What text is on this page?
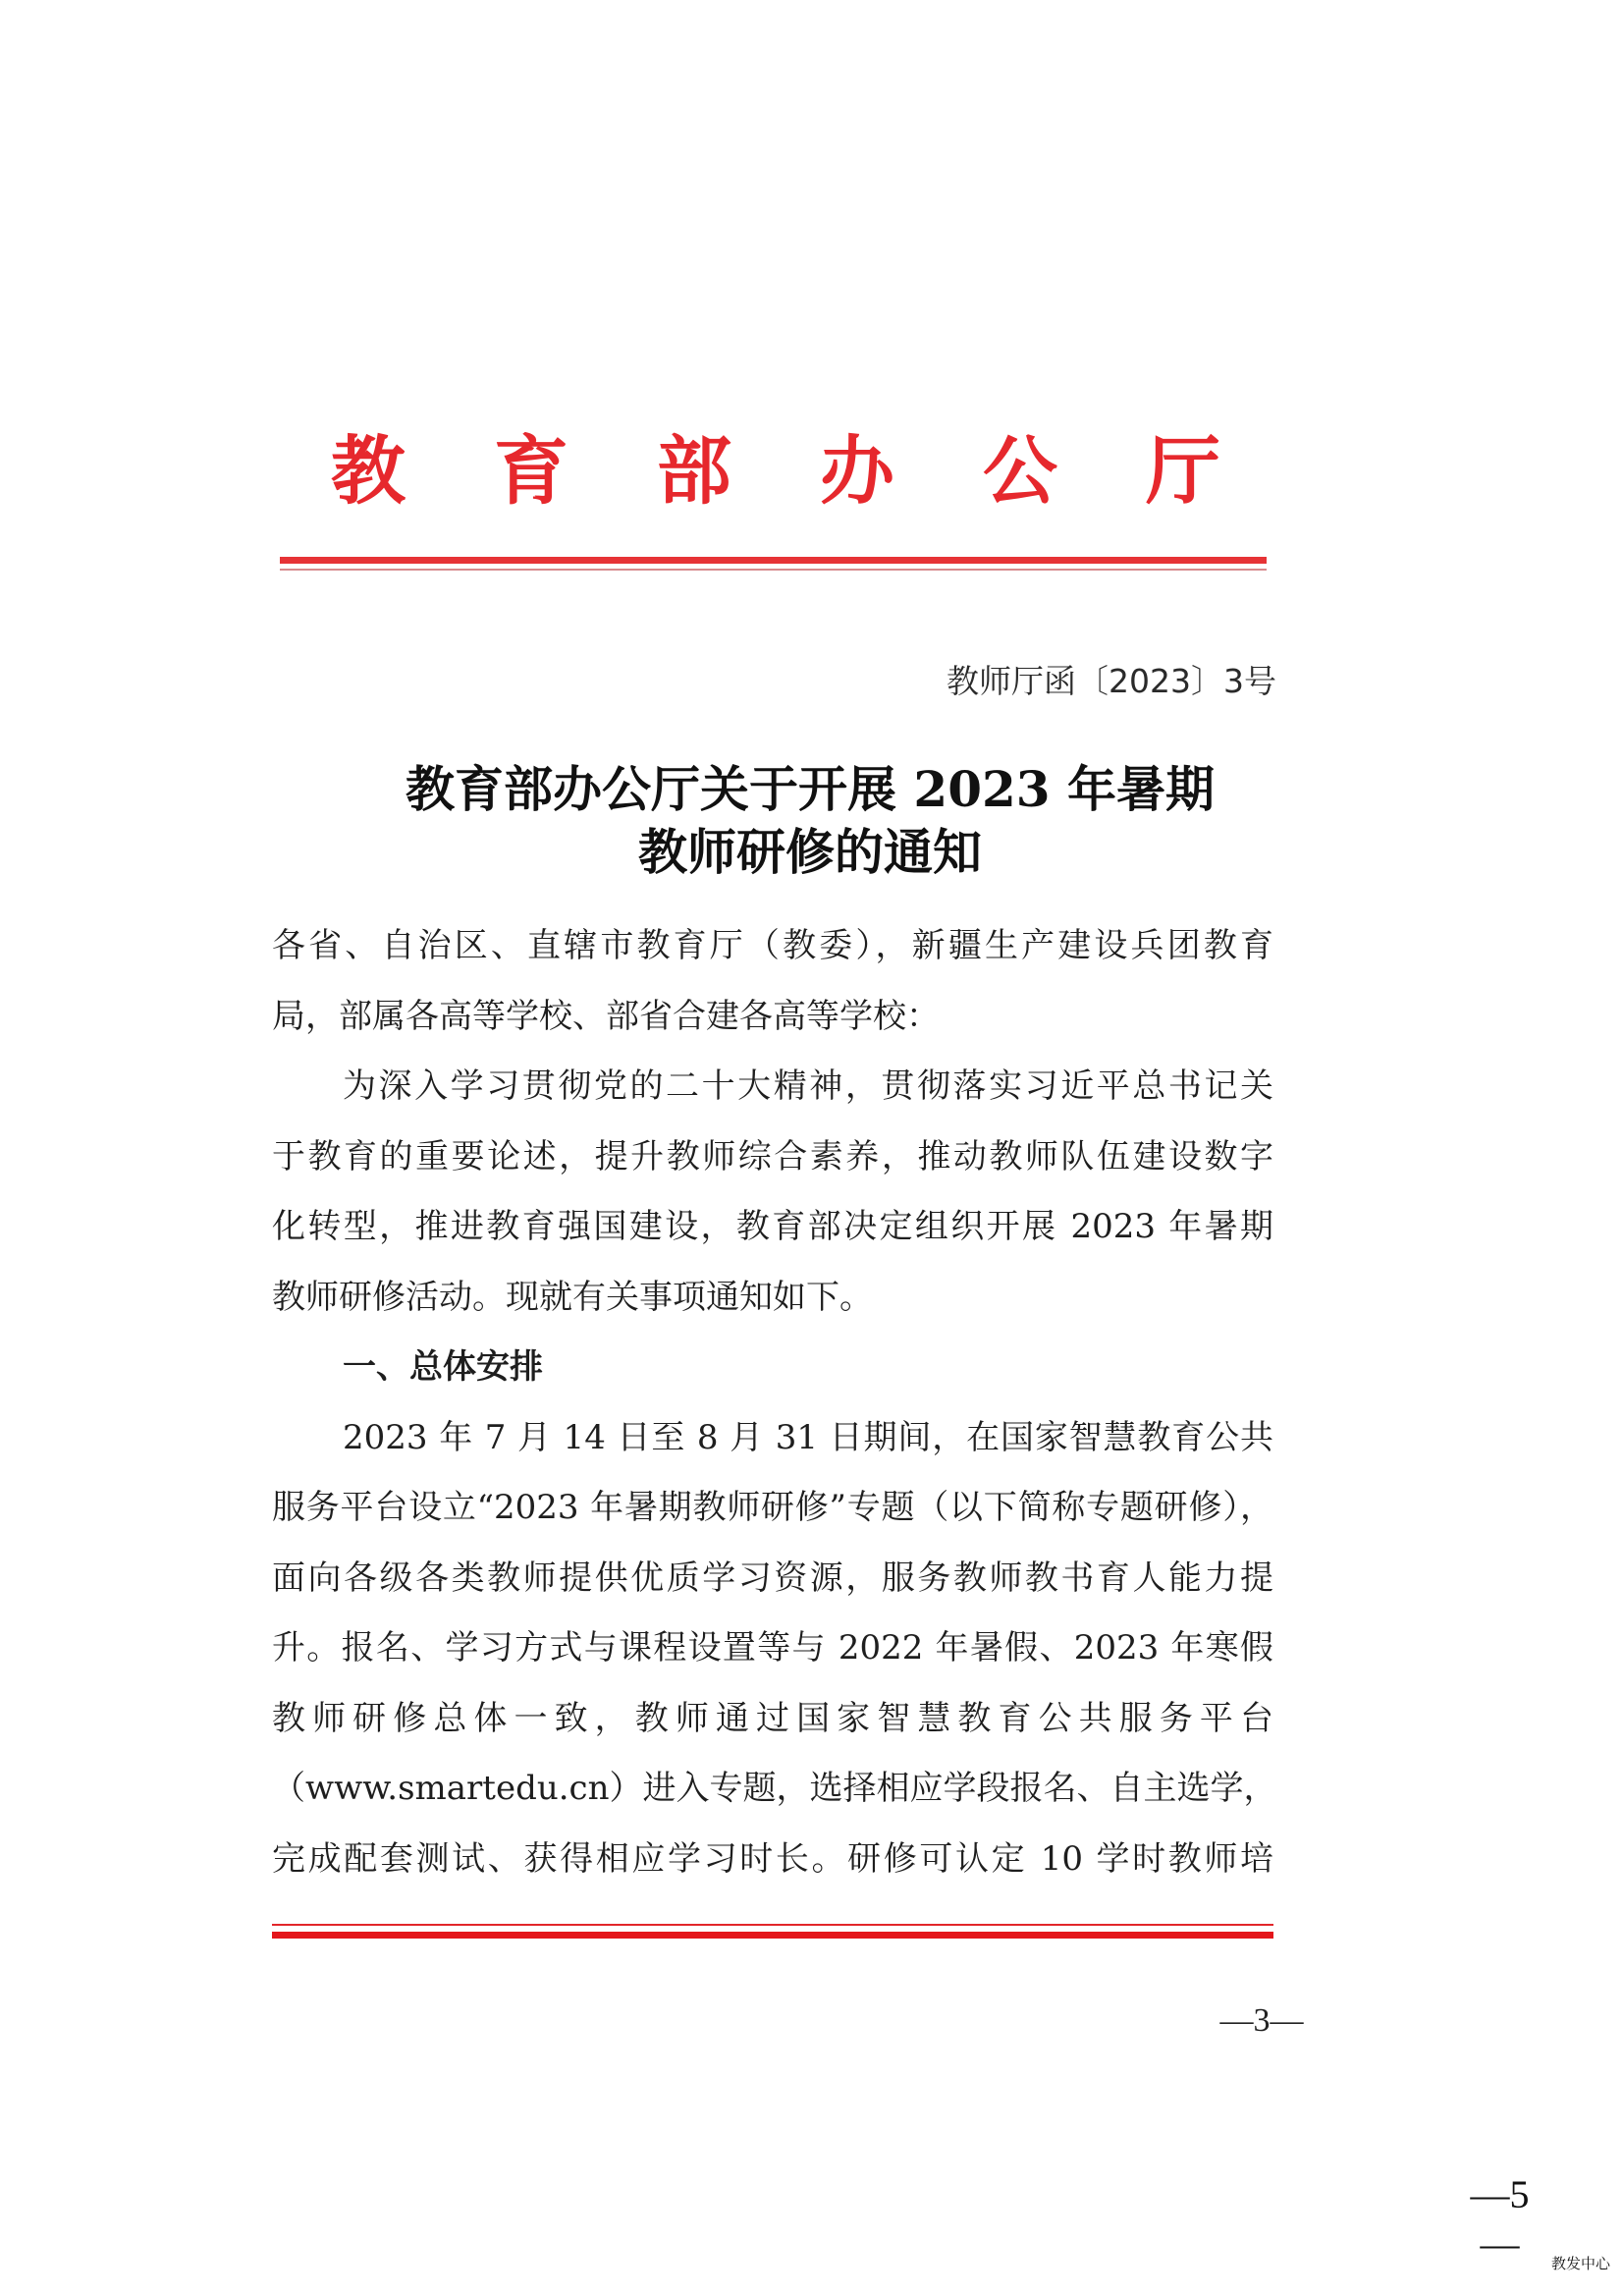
教 育 部 办 公 厅
教师厅函〔2023〕3号
教育部办公厅关于开展 2023 年暑期
教师研修的通知
各省、自治区、直辖市教育厅（教委），新疆生产建设兵团教育
局，部属各高等学校、部省合建各高等学校：
为深入学习贯彻党的二十大精神，贯彻落实习近平总书记关
于教育的重要论述，提升教师综合素养，推动教师队伍建设数字
化转型，推进教育强国建设，教育部决定组织开展 2023 年暑期
教师研修活动。现就有关事项通知如下。
一、总体安排
2023 年 7 月 14 日至 8 月 31 日期间，在国家智慧教育公共
服务平台设立“2023 年暑期教师研修”专题（以下简称专题研修），
面向各级各类教师提供优质学习资源，服务教师教书育人能力提
升。报名、学习方式与课程设置等与 2022 年暑假、2023 年寒假
教师研修总体一致，教师通过国家智慧教育公共服务平台
（www.smartedu.cn）进入专题，选择相应学段报名、自主选学，
完成配套测试、获得相应学习时长。研修可认定 10 学时教师培
—3—
—5—	教发中心
